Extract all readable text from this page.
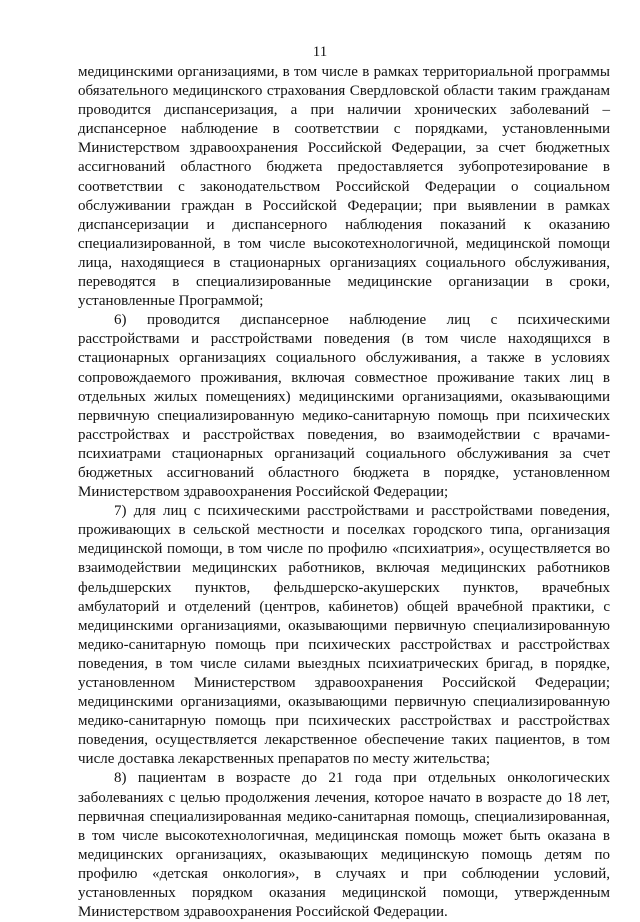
11

медицинскими организациями, в том числе в рамках территориальной программы обязательного медицинского страхования Свердловской области таким гражданам проводится диспансеризация, а при наличии хронических заболеваний – диспансерное наблюдение в соответствии с порядками, установленными Министерством здравоохранения Российской Федерации, за счет бюджетных ассигнований областного бюджета предоставляется зубопротезирование в соответствии с законодательством Российской Федерации о социальном обслуживании граждан в Российской Федерации; при выявлении в рамках диспансеризации и диспансерного наблюдения показаний к оказанию специализированной, в том числе высокотехнологичной, медицинской помощи лица, находящиеся в стационарных организациях социального обслуживания, переводятся в специализированные медицинские организации в сроки, установленные Программой;

6) проводится диспансерное наблюдение лиц с психическими расстройствами и расстройствами поведения (в том числе находящихся в стационарных организациях социального обслуживания, а также в условиях сопровождаемого проживания, включая совместное проживание таких лиц в отдельных жилых помещениях) медицинскими организациями, оказывающими первичную специализированную медико-санитарную помощь при психических расстройствах и расстройствах поведения, во взаимодействии с врачами-психиатрами стационарных организаций социального обслуживания за счет бюджетных ассигнований областного бюджета в порядке, установленном Министерством здравоохранения Российской Федерации;

7) для лиц с психическими расстройствами и расстройствами поведения, проживающих в сельской местности и поселках городского типа, организация медицинской помощи, в том числе по профилю «психиатрия», осуществляется во взаимодействии медицинских работников, включая медицинских работников фельдшерских пунктов, фельдшерско-акушерских пунктов, врачебных амбулаторий и отделений (центров, кабинетов) общей врачебной практики, с медицинскими организациями, оказывающими первичную специализированную медико-санитарную помощь при психических расстройствах и расстройствах поведения, в том числе силами выездных психиатрических бригад, в порядке, установленном Министерством здравоохранения Российской Федерации; медицинскими организациями, оказывающими первичную специализированную медико-санитарную помощь при психических расстройствах и расстройствах поведения, осуществляется лекарственное обеспечение таких пациентов, в том числе доставка лекарственных препаратов по месту жительства;

8) пациентам в возрасте до 21 года при отдельных онкологических заболеваниях с целью продолжения лечения, которое начато в возрасте до 18 лет, первичная специализированная медико-санитарная помощь, специализированная, в том числе высокотехнологичная, медицинская помощь может быть оказана в медицинских организациях, оказывающих медицинскую помощь детям по профилю «детская онкология», в случаях и при соблюдении условий, установленных порядком оказания медицинской помощи, утвержденным Министерством здравоохранения Российской Федерации.
